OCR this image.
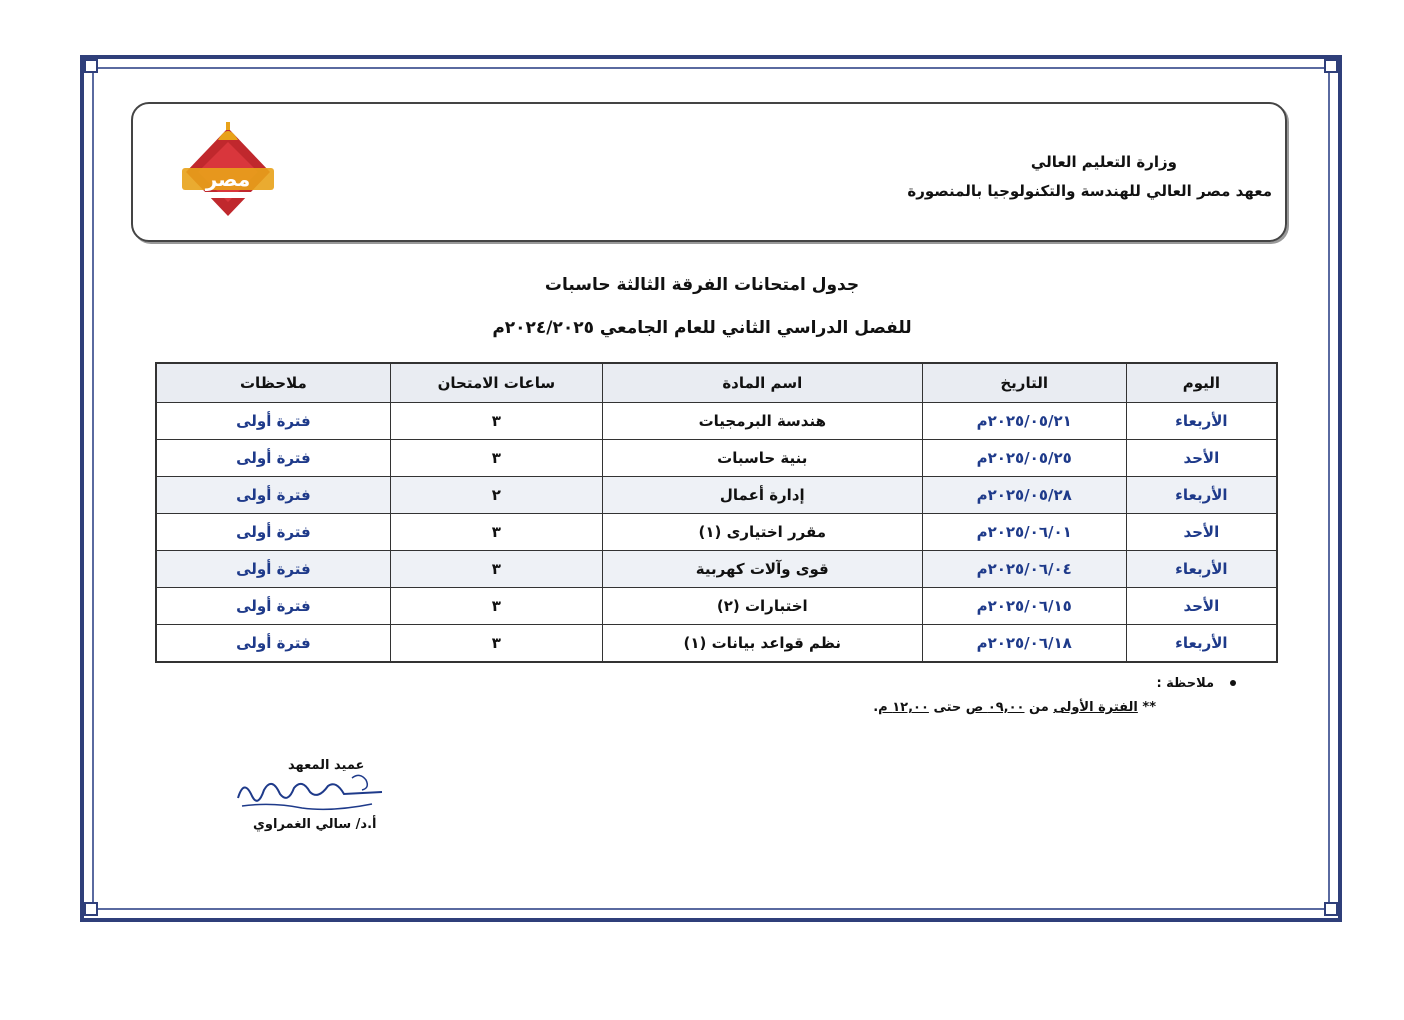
وزارة التعليم العالي
معهد مصر العالي للهندسة والتكنولوجيا بالمنصورة
مصر
جدول امتحانات الفرقة الثالثة حاسبات
للفصل الدراسي الثاني للعام الجامعي ٢٠٢٤/٢٠٢٥م
اليوم	التاريخ	اسم المادة	ساعات الامتحان	ملاحظات
الأربعاء	٢٠٢٥/٠٥/٢١م	هندسة البرمجيات	٣	فترة أولى
الأحد	٢٠٢٥/٠٥/٢٥م	بنية حاسبات	٣	فترة أولى
الأربعاء	٢٠٢٥/٠٥/٢٨م	إدارة أعمال	٢	فترة أولى
الأحد	٢٠٢٥/٠٦/٠١م	مقرر اختيارى (١)	٣	فترة أولى
الأربعاء	٢٠٢٥/٠٦/٠٤م	قوى وآلات كهربية	٣	فترة أولى
الأحد	٢٠٢٥/٠٦/١٥م	اختبارات (٢)	٣	فترة أولى
الأربعاء	٢٠٢٥/٠٦/١٨م	نظم قواعد بيانات (١)	٣	فترة أولى
ملاحظة :
** الفترة الأولى من ٠٩,٠٠ ص حتى ١٢,٠٠ م.
عميد المعهد
أ.د/ سالي الغمراوي
